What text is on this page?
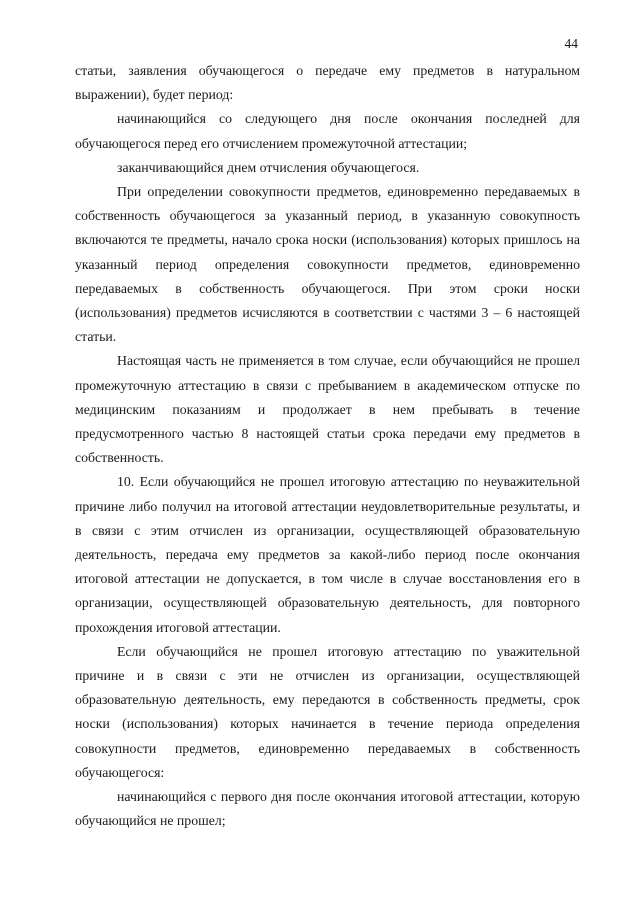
44

статьи, заявления обучающегося о передаче ему предметов в натуральном выражении), будет период:

начинающийся со следующего дня после окончания последней для обучающегося перед его отчислением промежуточной аттестации;

заканчивающийся днем отчисления обучающегося.

При определении совокупности предметов, единовременно передаваемых в собственность обучающегося за указанный период, в указанную совокупность включаются те предметы, начало срока носки (использования) которых пришлось на указанный период определения совокупности предметов, единовременно передаваемых в собственность обучающегося. При этом сроки носки (использования) предметов исчисляются в соответствии с частями 3 – 6 настоящей статьи.

Настоящая часть не применяется в том случае, если обучающийся не прошел промежуточную аттестацию в связи с пребыванием в академическом отпуске по медицинским показаниям и продолжает в нем пребывать в течение предусмотренного частью 8 настоящей статьи срока передачи ему предметов в собственность.

10. Если обучающийся не прошел итоговую аттестацию по неуважительной причине либо получил на итоговой аттестации неудовлетворительные результаты, и в связи с этим отчислен из организации, осуществляющей образовательную деятельность, передача ему предметов за какой-либо период после окончания итоговой аттестации не допускается, в том числе в случае восстановления его в организации, осуществляющей образовательную деятельность, для повторного прохождения итоговой аттестации.

Если обучающийся не прошел итоговую аттестацию по уважительной причине и в связи с эти не отчислен из организации, осуществляющей образовательную деятельность, ему передаются в собственность предметы, срок носки (использования) которых начинается в течение периода определения совокупности предметов, единовременно передаваемых в собственность обучающегося:

начинающийся с первого дня после окончания итоговой аттестации, которую обучающийся не прошел;
